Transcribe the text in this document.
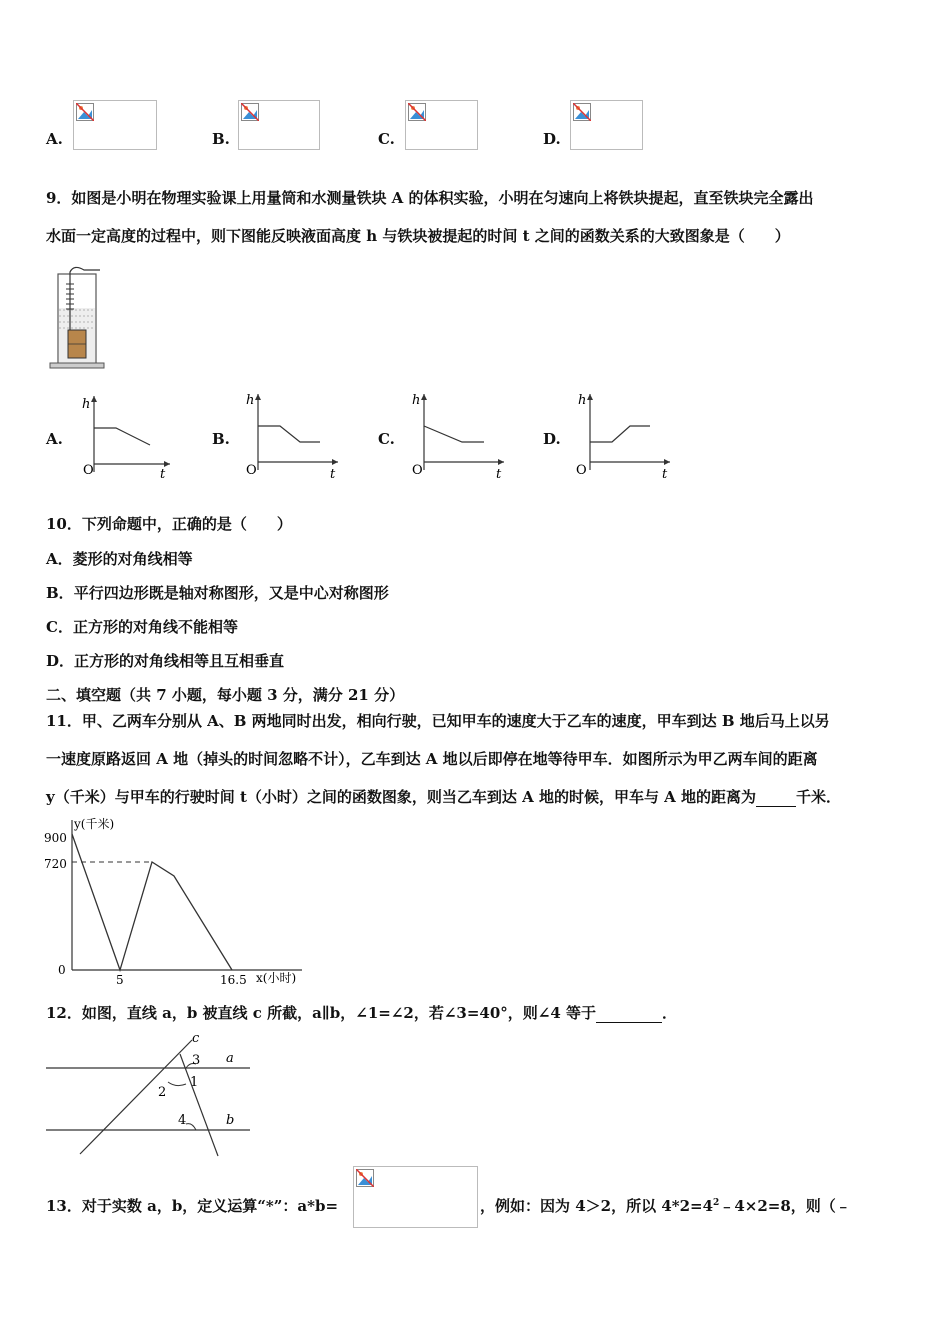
A.	B.	C.	D.
9．如图是小明在物理实验课上用量筒和水测量铁块 A 的体积实验，小明在匀速向上将铁块提起，直至铁块完全露出
水面一定高度的过程中，则下图能反映液面高度 h 与铁块被提起的时间 t 之间的函数关系的大致图象是（　　）
A.
h
t
O
B.
h
t
O
C.
h
t
O
D.
h
t
O
10．下列命题中，正确的是（　　）
A．菱形的对角线相等
B．平行四边形既是轴对称图形，又是中心对称图形
C．正方形的对角线不能相等
D．正方形的对角线相等且互相垂直
二、填空题（共 7 小题，每小题 3 分，满分 21 分）
11．甲、乙两车分别从 A、B 两地同时出发，相向行驶，已知甲车的速度大于乙车的速度，甲车到达 B 地后马上以另
一速度原路返回 A 地（掉头的时间忽略不计），乙车到达 A 地以后即停在地等待甲车．如图所示为甲乙两车间的距离
y（千米）与甲车的行驶时间 t（小时）之间的函数图象，则当乙车到达 A 地的时候，甲车与 A 地的距离为	千米．
y(千米)
x(小时)
900
720
0
5	16.5
12．如图，直线 a，b 被直线 c 所截，a∥b，∠1=∠2，若∠3=40°，则∠4 等于	．
c
a
b
1
2
3
4
13．对于实数 a，b，定义运算“*”：a*b=	，例如：因为 4＞2，所以 $4*2=4^2﹣4\times 2=8$，则（﹣
